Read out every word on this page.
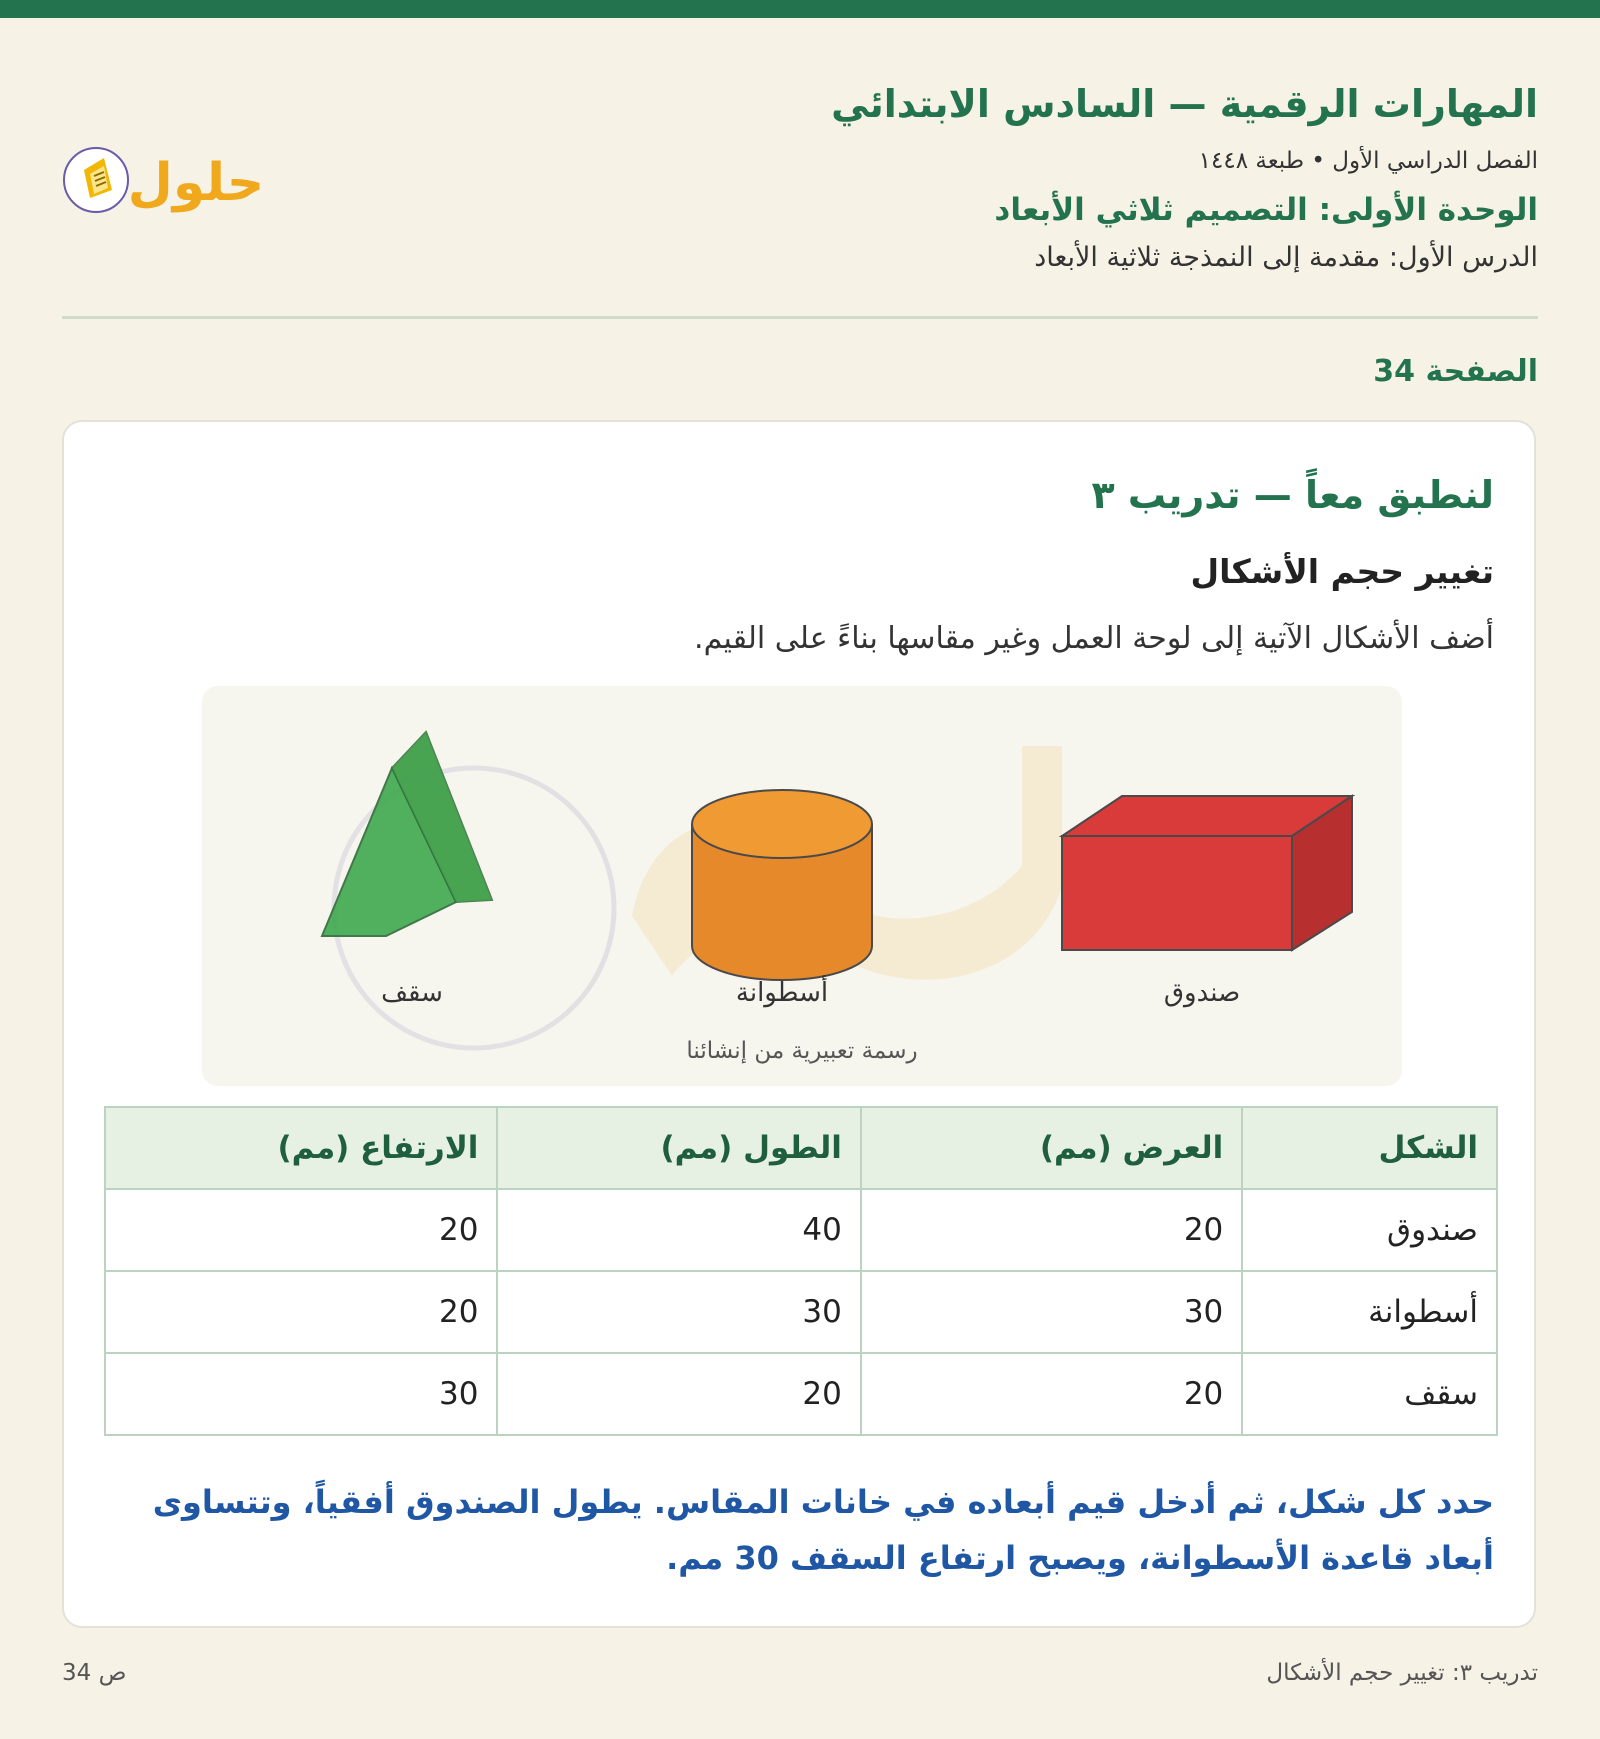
المهارات الرقمية — السادس الابتدائي
الفصل الدراسي الأول • طبعة ١٤٤٨
الوحدة الأولى: التصميم ثلاثي الأبعاد
الدرس الأول: مقدمة إلى النمذجة ثلاثية الأبعاد
حلول
الصفحة 34
لنطبق معاً — تدريب ٣
تغيير حجم الأشكال
أضف الأشكال الآتية إلى لوحة العمل وغير مقاسها بناءً على القيم.
سقف	أسطوانة	صندوق
رسمة تعبيرية من إنشائنا
الشكل	العرض (مم)	الطول (مم)	الارتفاع (مم)
صندوق	20	40	20
أسطوانة	30	30	20
سقف	20	20	30
حدد كل شكل، ثم أدخل قيم أبعاده في خانات المقاس. يطول الصندوق أفقياً، وتتساوى أبعاد قاعدة الأسطوانة، ويصبح ارتفاع السقف 30 مم.
ص 34	تدريب ٣: تغيير حجم الأشكال
